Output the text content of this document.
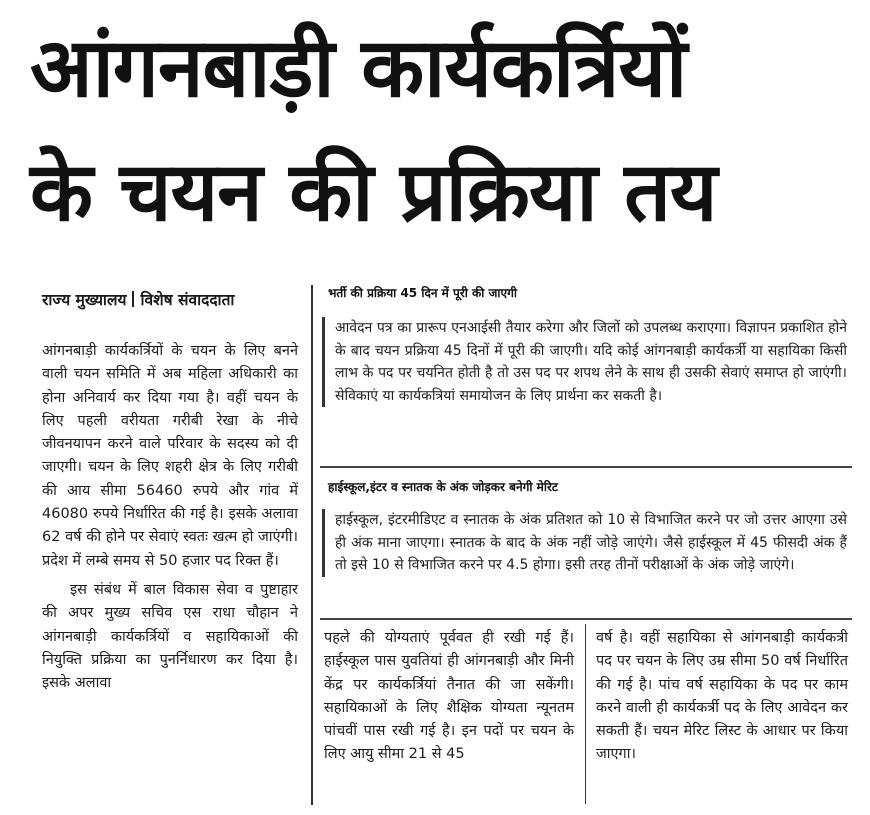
आंगनबाड़ी कार्यकर्त्रियों
के चयन की प्रक्रिया तय
राज्य मुख्यालय विशेष संवाददाता

आंगनबाड़ी कार्यकर्त्रियों के चयन के लिए बनने वाली चयन समिति में अब महिला अधिकारी का होना अनिवार्य कर दिया गया है। वहीं चयन के लिए पहली वरीयता गरीबी रेखा के नीचे जीवनयापन करने वाले परिवार के सदस्य को दी जाएगी। चयन के लिए शहरी क्षेत्र के लिए गरीबी की आय सीमा 56460 रुपये और गांव में 46080 रुपये निर्धारित की गई है। इसके अलावा 62 वर्ष की होने पर सेवाएं स्वतः खत्म हो जाएंगी। प्रदेश में लम्बे समय से 50 हजार पद रिक्त हैं।

इस संबंध में बाल विकास सेवा व पुष्टाहार की अपर मुख्य सचिव एस राधा चौहान ने आंगनबाड़ी कार्यकर्त्रियों व सहायिकाओं की नियुक्ति प्रक्रिया का पुनर्निधारण कर दिया है। इसके अलावा

भर्ती की प्रक्रिया 45 दिन में पूरी की जाएगी
आवेदन पत्र का प्रारूप एनआईसी तैयार करेगा और जिलों को उपलब्ध कराएगा। विज्ञापन प्रकाशित होने के बाद चयन प्रक्रिया 45 दिनों में पूरी की जाएगी। यदि कोई आंगनबाड़ी कार्यकर्त्री या सहायिका किसी लाभ के पद पर चयनित होती है तो उस पद पर शपथ लेने के साथ ही उसकी सेवाएं समाप्त हो जाएंगी। सेविकाएं या कार्यकत्रियां समायोजन के लिए प्रार्थना कर सकती है।
हाईस्कूल,इंटर व स्नातक के अंक जोड़कर बनेगी मेरिट
हाईस्कूल, इंटरमीडिएट व स्नातक के अंक प्रतिशत को 10 से विभाजित करने पर जो उत्तर आएगा उसे ही अंक माना जाएगा। स्नातक के बाद के अंक नहीं जोड़े जाएंगे। जैसे हाईस्कूल में 45 फीसदी अंक हैं तो इसे 10 से विभाजित करने पर 4.5 होगा। इसी तरह तीनों परीक्षाओं के अंक जोड़े जाएंगे।
पहले की योग्यताएं पूर्ववत ही रखी गई हैं। हाईस्कूल पास युवतियां ही आंगनबाड़ी और मिनी केंद्र पर कार्यकर्त्रियां तैनात की जा सकेंगी। सहायिकाओं के लिए शैक्षिक योग्यता न्यूनतम पांचवीं पास रखी गई है। इन पदों पर चयन के लिए आयु सीमा 21 से 45
वर्ष है। वहीं सहायिका से आंगनबाड़ी कार्यकत्री पद पर चयन के लिए उम्र सीमा 50 वर्ष निर्धारित की गई है। पांच वर्ष सहायिका के पद पर काम करने वाली ही कार्यकर्त्री पद के लिए आवेदन कर सकती हैं। चयन मेरिट लिस्ट के आधार पर किया जाएगा।
